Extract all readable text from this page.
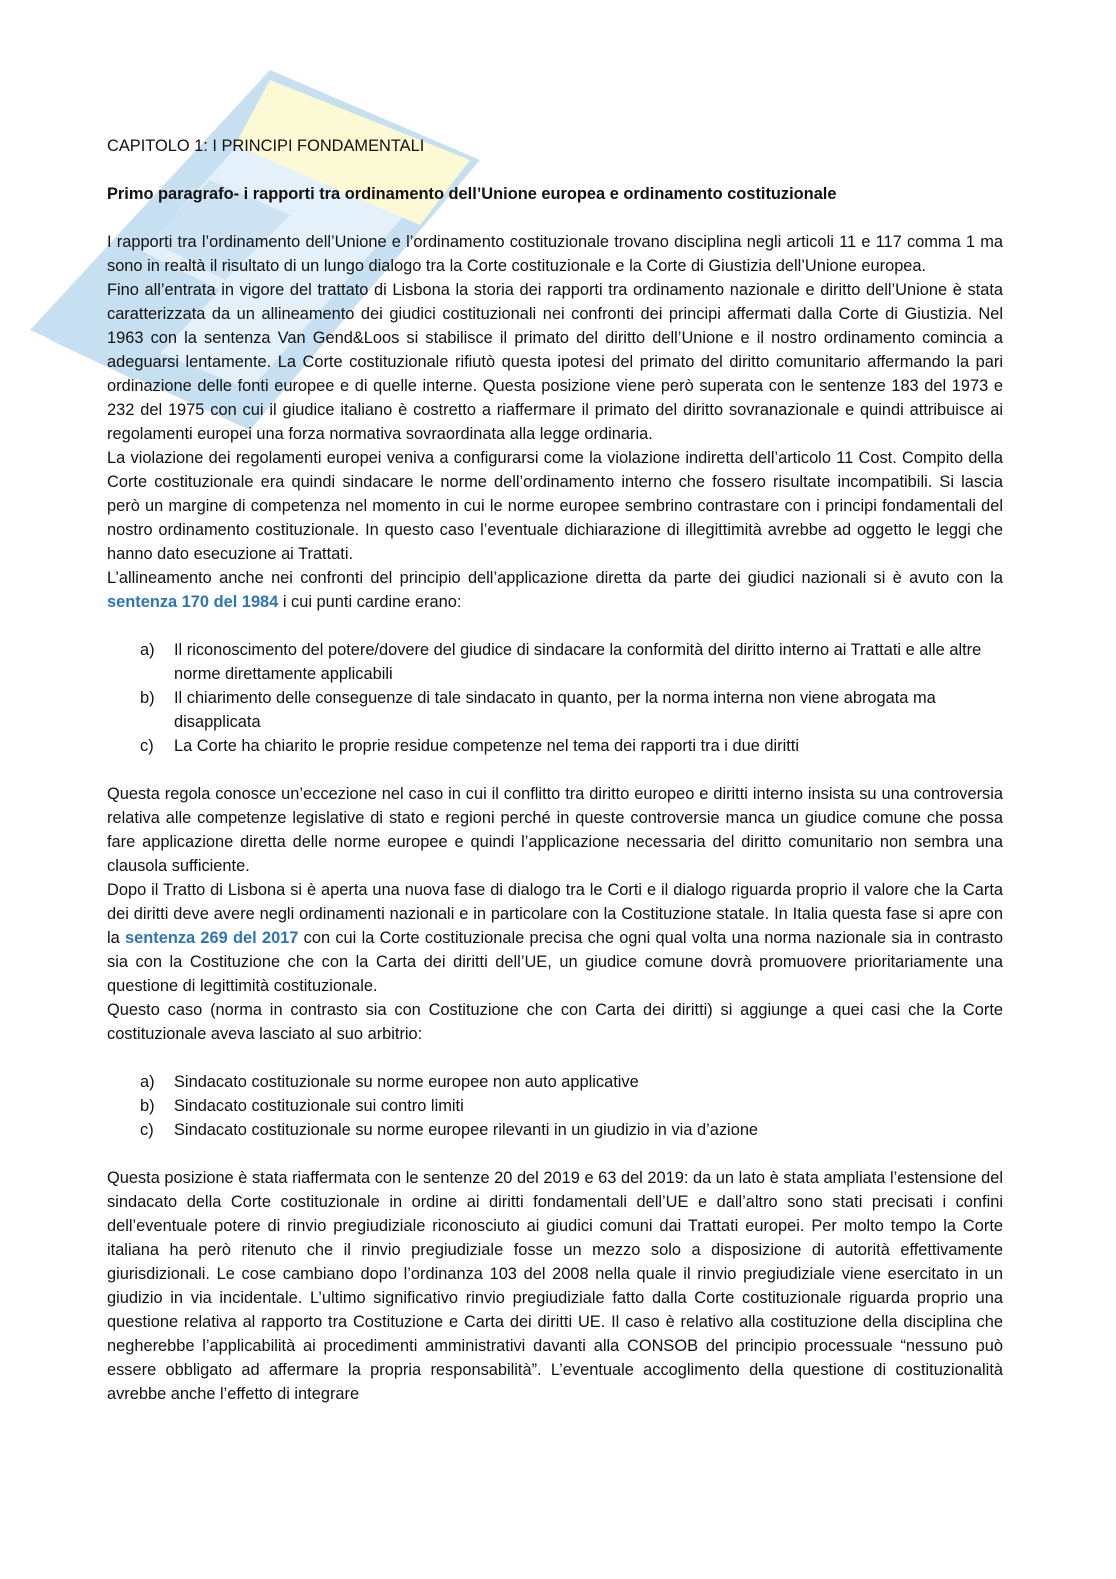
CAPITOLO 1: I PRINCIPI FONDAMENTALI
Primo paragrafo- i rapporti tra ordinamento dell’Unione europea e ordinamento costituzionale

I rapporti tra l’ordinamento dell’Unione e l’ordinamento costituzionale trovano disciplina negli articoli 11 e 117 comma 1 ma sono in realtà il risultato di un lungo dialogo tra la Corte costituzionale e la Corte di Giustizia dell’Unione europea.

Fino all’entrata in vigore del trattato di Lisbona la storia dei rapporti tra ordinamento nazionale e diritto dell’Unione è stata caratterizzata da un allineamento dei giudici costituzionali nei confronti dei principi affermati dalla Corte di Giustizia. Nel 1963 con la sentenza Van Gend&Loos si stabilisce il primato del diritto dell’Unione e il nostro ordinamento comincia a adeguarsi lentamente. La Corte costituzionale rifiutò questa ipotesi del primato del diritto comunitario affermando la pari ordinazione delle fonti europee e di quelle interne. Questa posizione viene però superata con le sentenze 183 del 1973 e 232 del 1975 con cui il giudice italiano è costretto a riaffermare il primato del diritto sovranazionale e quindi attribuisce ai regolamenti europei una forza normativa sovraordinata alla legge ordinaria.

La violazione dei regolamenti europei veniva a configurarsi come la violazione indiretta dell’articolo 11 Cost. Compito della Corte costituzionale era quindi sindacare le norme dell’ordinamento interno che fossero risultate incompatibili. Si lascia però un margine di competenza nel momento in cui le norme europee sembrino contrastare con i principi fondamentali del nostro ordinamento costituzionale. In questo caso l’eventuale dichiarazione di illegittimità avrebbe ad oggetto le leggi che hanno dato esecuzione ai Trattati.

L’allineamento anche nei confronti del principio dell’applicazione diretta da parte dei giudici nazionali si è avuto con la sentenza 170 del 1984 i cui punti cardine erano:

a)	Il riconoscimento del potere/dovere del giudice di sindacare la conformità del diritto interno ai Trattati e alle altre norme direttamente applicabili
b)	Il chiarimento delle conseguenze di tale sindacato in quanto, per la norma interna non viene abrogata ma disapplicata
c)	La Corte ha chiarito le proprie residue competenze nel tema dei rapporti tra i due diritti

Questa regola conosce un’eccezione nel caso in cui il conflitto tra diritto europeo e diritti interno insista su una controversia relativa alle competenze legislative di stato e regioni perché in queste controversie manca un giudice comune che possa fare applicazione diretta delle norme europee e quindi l’applicazione necessaria del diritto comunitario non sembra una clausola sufficiente.

Dopo il Tratto di Lisbona si è aperta una nuova fase di dialogo tra le Corti e il dialogo riguarda proprio il valore che la Carta dei diritti deve avere negli ordinamenti nazionali e in particolare con la Costituzione statale. In Italia questa fase si apre con la sentenza 269 del 2017 con cui la Corte costituzionale precisa che ogni qual volta una norma nazionale sia in contrasto sia con la Costituzione che con la Carta dei diritti dell’UE, un giudice comune dovrà promuovere prioritariamente una questione di legittimità costituzionale.

Questo caso (norma in contrasto sia con Costituzione che con Carta dei diritti) si aggiunge a quei casi che la Corte costituzionale aveva lasciato al suo arbitrio:

a)	Sindacato costituzionale su norme europee non auto applicative
b)	Sindacato costituzionale sui contro limiti
c)	Sindacato costituzionale su norme europee rilevanti in un giudizio in via d’azione

Questa posizione è stata riaffermata con le sentenze 20 del 2019 e 63 del 2019: da un lato è stata ampliata l’estensione del sindacato della Corte costituzionale in ordine ai diritti fondamentali dell’UE e dall’altro sono stati precisati i confini dell’eventuale potere di rinvio pregiudiziale riconosciuto ai giudici comuni dai Trattati europei. Per molto tempo la Corte italiana ha però ritenuto che il rinvio pregiudiziale fosse un mezzo solo a disposizione di autorità effettivamente giurisdizionali. Le cose cambiano dopo l’ordinanza 103 del 2008 nella quale il rinvio pregiudiziale viene esercitato in un giudizio in via incidentale. L’ultimo significativo rinvio pregiudiziale fatto dalla Corte costituzionale riguarda proprio una questione relativa al rapporto tra Costituzione e Carta dei diritti UE. Il caso è relativo alla costituzione della disciplina che negherebbe l’applicabilità ai procedimenti amministrativi davanti alla CONSOB del principio processuale “nessuno può essere obbligato ad affermare la propria responsabilità”. L’eventuale accoglimento della questione di costituzionalità avrebbe anche l’effetto di integrare
